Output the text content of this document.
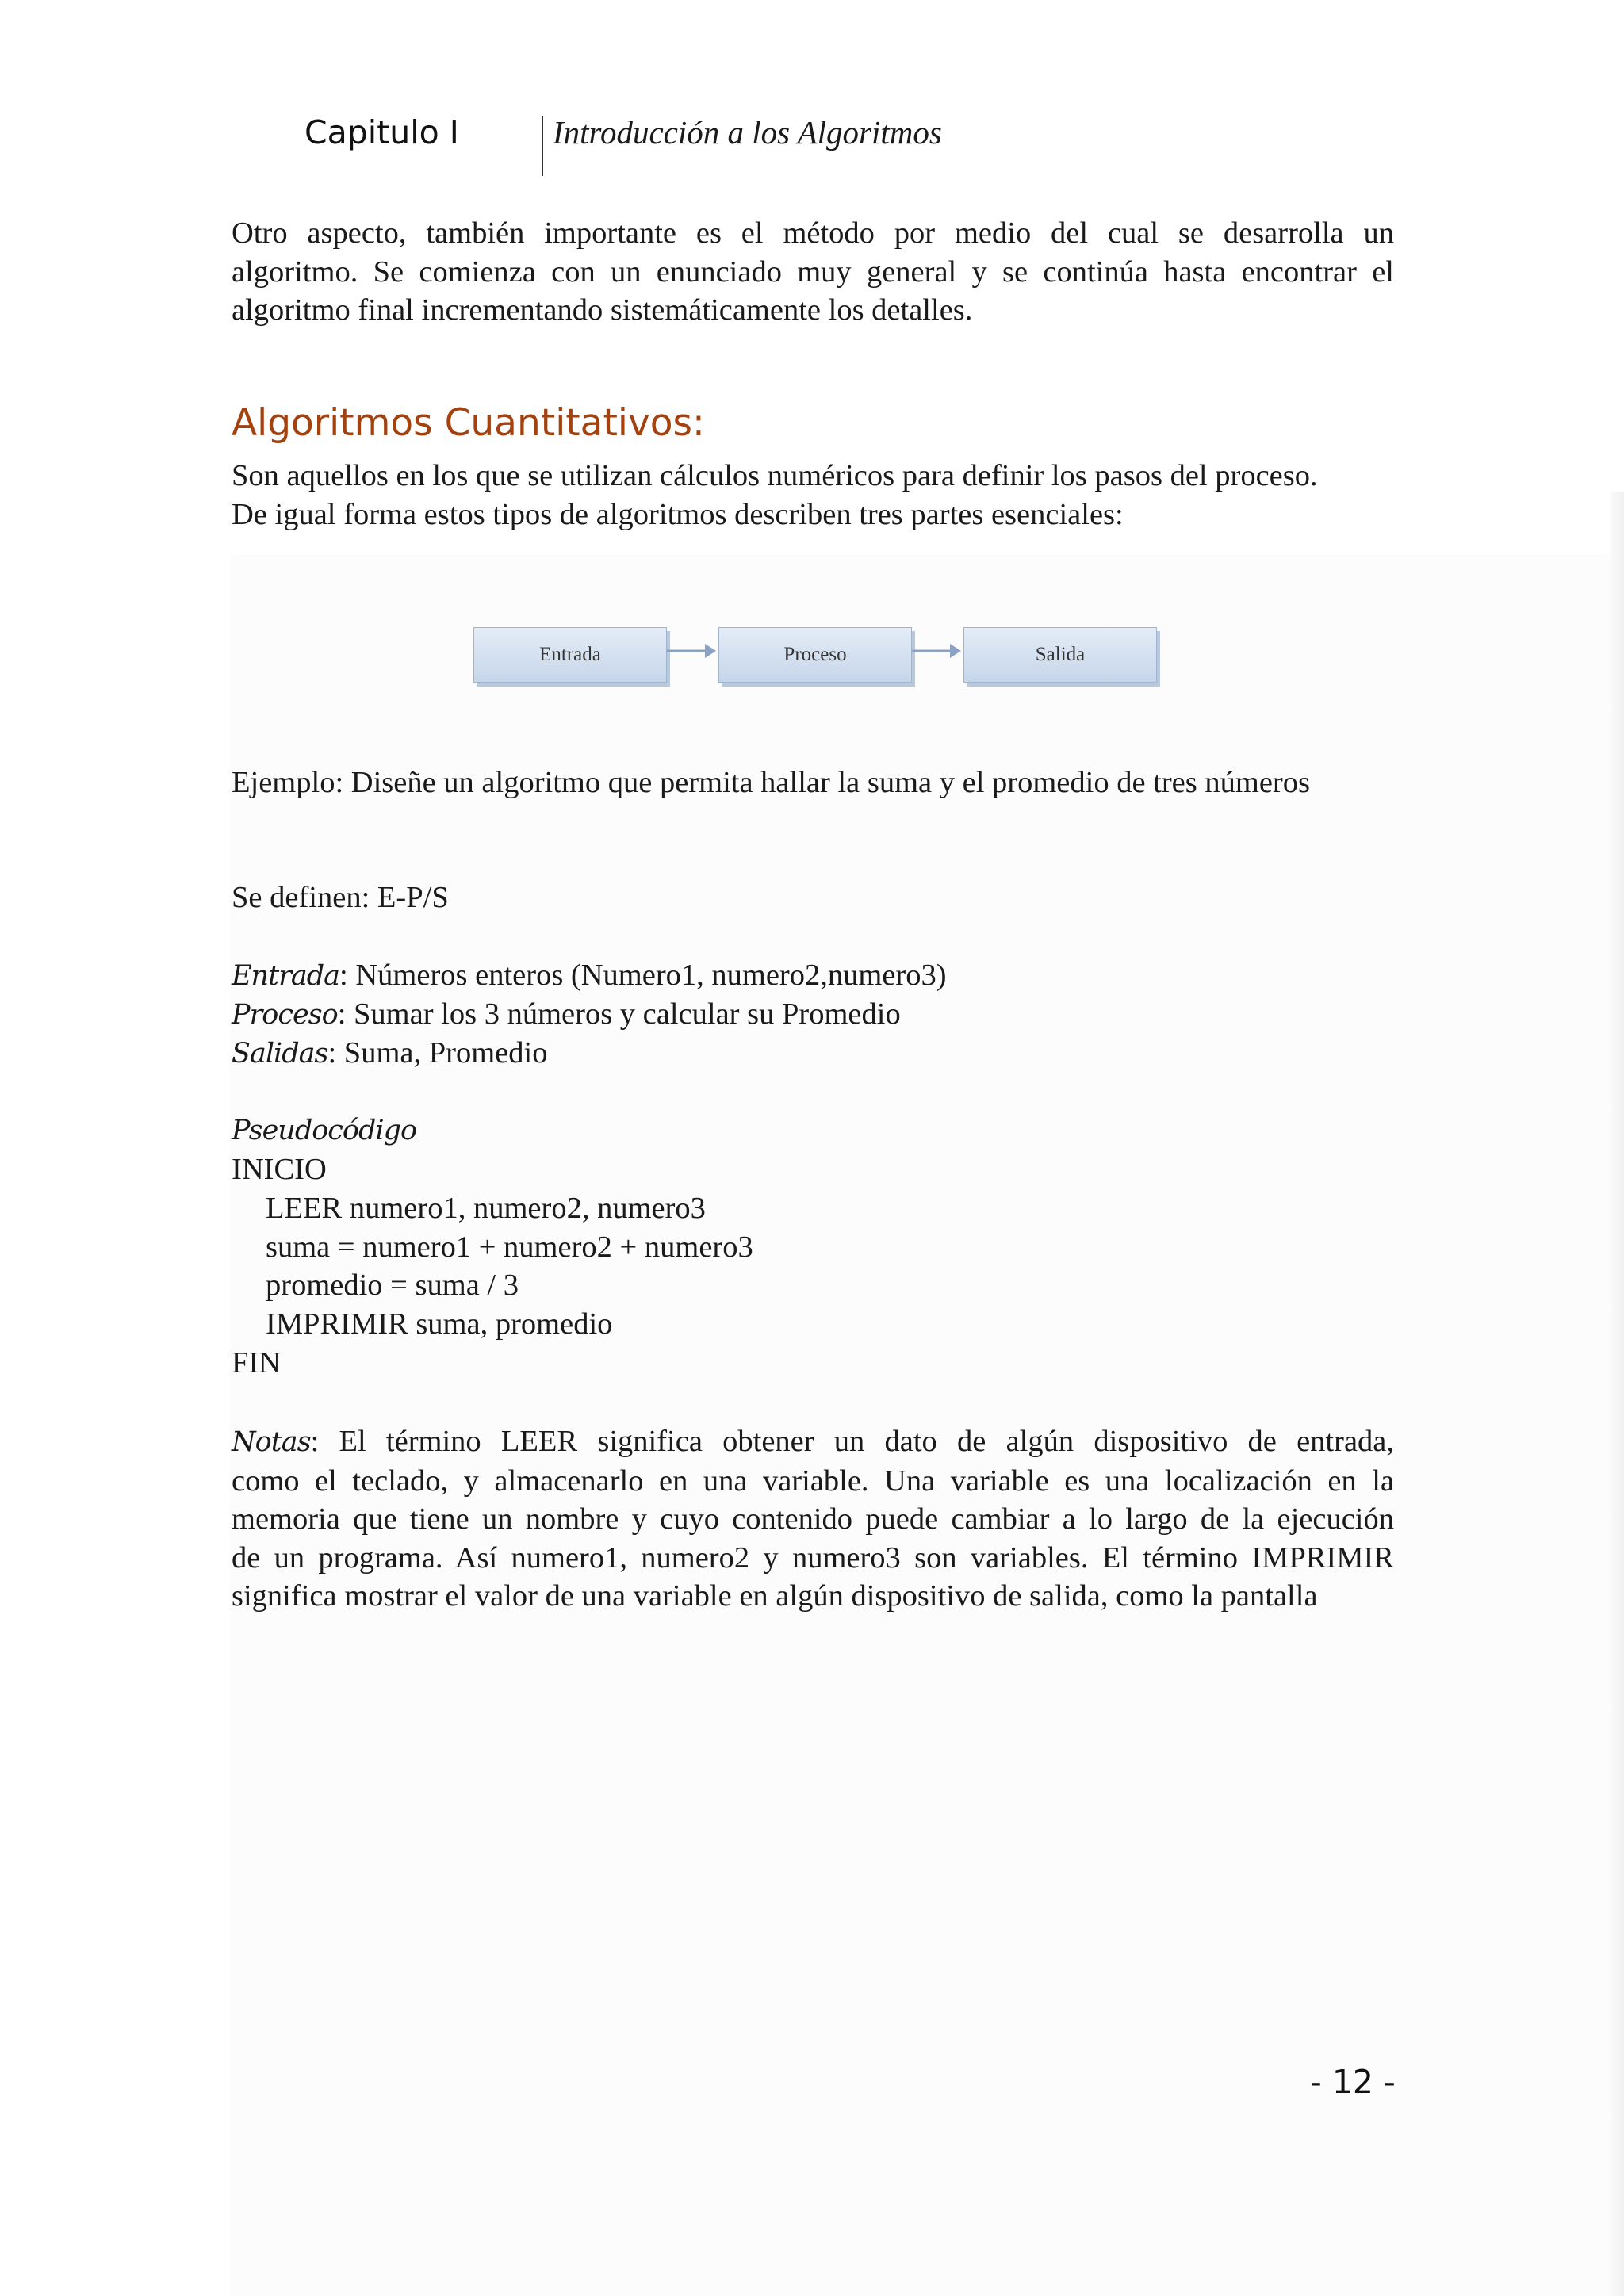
Capitulo I	Introducción a los Algoritmos

Otro aspecto, también importante es el método por medio del cual se desarrolla un
algoritmo. Se comienza con un enunciado muy general y se continúa hasta encontrar el
algoritmo final incrementando sistemáticamente los detalles.

Algoritmos Cuantitativos:

Son aquellos en los que se utilizan cálculos numéricos para definir los pasos del proceso.
De igual forma estos tipos de algoritmos describen tres partes esenciales:

Entrada	Proceso	Salida

Ejemplo: Diseñe un algoritmo que permita hallar la suma y el promedio de tres números

Se definen: E-P/S

Entrada: Números enteros (Numero1, numero2,numero3)

Proceso: Sumar los 3 números y calcular su Promedio

Salidas: Suma, Promedio

Pseudocódigo

INICIO
LEER numero1, numero2, numero3
suma = numero1 + numero2 + numero3
promedio = suma / 3
IMPRIMIR suma, promedio
FIN

Notas: El término LEER significa obtener un dato de algún dispositivo de entrada,
como el teclado, y almacenarlo en una variable. Una variable es una localización en la
memoria que tiene un nombre y cuyo contenido puede cambiar a lo largo de la ejecución
de un programa. Así numero1, numero2 y numero3 son variables. El término IMPRIMIR
significa mostrar el valor de una variable en algún dispositivo de salida, como la pantalla

- 12 -
